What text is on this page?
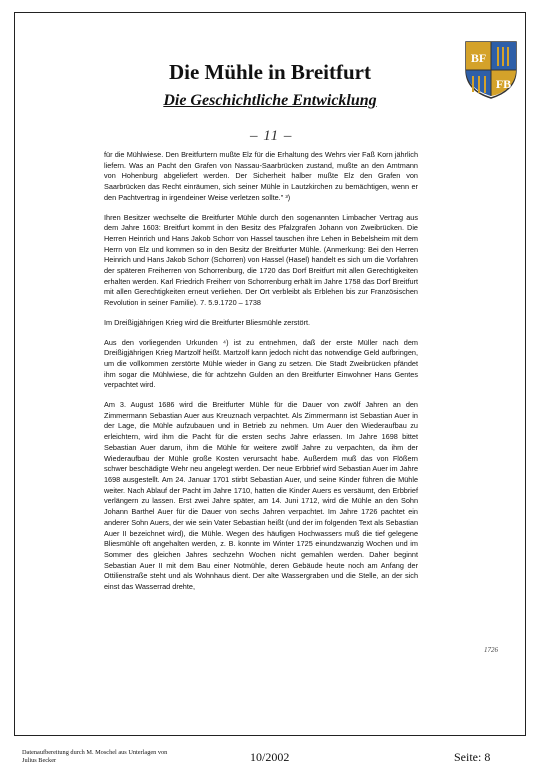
Die Mühle in Breitfurt
Die Geschichtliche Entwicklung
BF
FB
– 11 –

für die Mühlwiese. Den Breitfurtern mußte Elz für die Erhaltung des Wehrs vier Faß Korn jährlich liefern. Was an Pacht den Grafen von Nassau-Saarbrücken zustand, mußte an den Amtmann von Hohenburg abgeliefert werden. Der Sicherheit halber mußte Elz den Grafen von Saarbrücken das Recht einräumen, sich seiner Mühle in Lautzkirchen zu bemächtigen, wenn er den Pachtvertrag in irgendeiner Weise verletzen sollte." ³)

Ihren Besitzer wechselte die Breitfurter Mühle durch den sogenannten Limbacher Vertrag aus dem Jahre 1603: Breitfurt kommt in den Besitz des Pfalzgrafen Johann von Zweibrücken. Die Herren Heinrich und Hans Jakob Schorr von Hassel tauschen ihre Lehen in Bebelsheim mit dem Herrn von Elz und kommen so in den Besitz der Breitfurter Mühle. (Anmerkung: Bei den Herren Heinrich und Hans Jakob Schorr (Schorren) von Hassel (Hasel) handelt es sich um die Vorfahren der späteren Freiherren von Schorrenburg, die 1720 das Dorf Breitfurt mit allen Gerechtigkeiten erhalten werden. Karl Friedrich Freiherr von Schorrenburg erhält im Jahre 1758 das Dorf Breitfurt mit allen Gerechtigkeiten erneut verliehen. Der Ort verbleibt als Erblehen bis zur Französischen Revolution in seiner Familie). 7. 5.9.1720 – 1738

Im Dreißigjährigen Krieg wird die Breitfurter Bliesmühle zerstört.

Aus den vorliegenden Urkunden ⁴) ist zu entnehmen, daß der erste Müller nach dem Dreißigjährigen Krieg Martzolf heißt. Martzolf kann jedoch nicht das notwendige Geld aufbringen, um die vollkommen zerstörte Mühle wieder in Gang zu setzen. Die Stadt Zweibrücken pfändet ihm sogar die Mühlwiese, die für achtzehn Gulden an den Breitfurter Einwohner Hans Gentes verpachtet wird.

Am 3. August 1686 wird die Breitfurter Mühle für die Dauer von zwölf Jahren an den Zimmermann Sebastian Auer aus Kreuznach verpachtet. Als Zimmermann ist Sebastian Auer in der Lage, die Mühle aufzubauen und in Betrieb zu nehmen. Um Auer den Wiederaufbau zu erleichtern, wird ihm die Pacht für die ersten sechs Jahre erlassen. Im Jahre 1698 bittet Sebastian Auer darum, ihm die Mühle für weitere zwölf Jahre zu verpachten, da ihm der Wiederaufbau der Mühle große Kosten verursacht habe. Außerdem muß das von Flößern schwer beschädigte Wehr neu angelegt werden. Der neue Erbbrief wird Sebastian Auer im Jahre 1698 ausgestellt. Am 24. Januar 1701 stirbt Sebastian Auer, und seine Kinder führen die Mühle weiter. Nach Ablauf der Pacht im Jahre 1710, hatten die Kinder Auers es versäumt, den Erbbrief verlängern zu lassen. Erst zwei Jahre später, am 14. Juni 1712, wird die Mühle an den Sohn Johann Barthel Auer für die Dauer von sechs Jahren verpachtet. Im Jahre 1726 pachtet ein anderer Sohn Auers, der wie sein Vater Sebastian heißt (und der im folgenden Text als Sebastian Auer II bezeichnet wird), die Mühle. Wegen des häufigen Hochwassers muß die tief gelegene Bliesmühle oft angehalten werden, z. B. konnte im Winter 1725 einundzwanzig Wochen und im Sommer des gleichen Jahres sechzehn Wochen nicht gemahlen werden. Daher beginnt Sebastian Auer II mit dem Bau einer Notmühle, deren Gebäude heute noch am Anfang der Ottilienstraße steht und als Wohnhaus dient. Der alte Wassergraben und die Stelle, an der sich einst das Wasserrad drehte,

1726
Datenaufbereitung durch M. Moschel aus Unterlagen von
Julius Becker	10/2002	Seite: 8
